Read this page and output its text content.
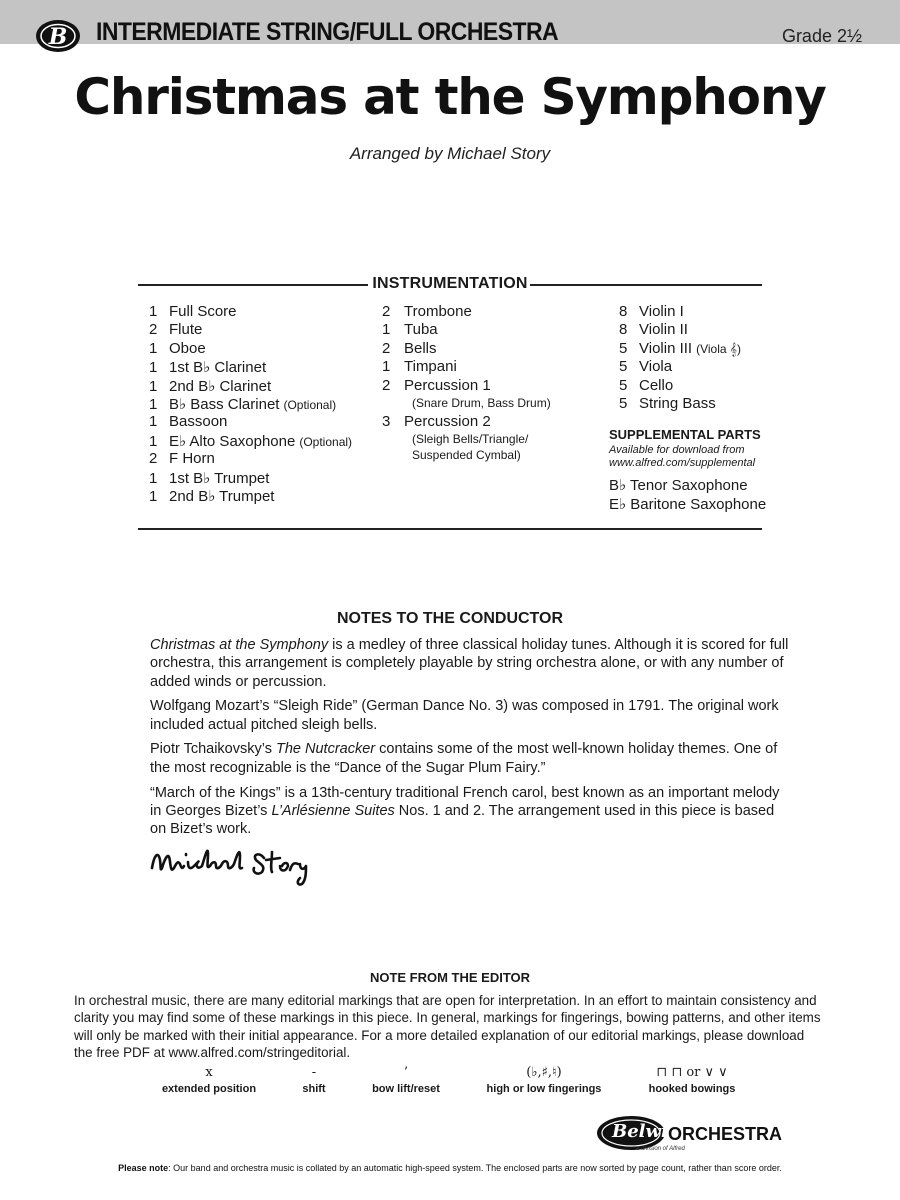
B INTERMEDIATE STRING/FULL ORCHESTRA	Grade 2½
Christmas at the Symphony
Arranged by Michael Story
INSTRUMENTATION
1 Full Score
2 Flute
1 Oboe
1 1st B♭ Clarinet
1 2nd B♭ Clarinet
1 B♭ Bass Clarinet (Optional)
1 Bassoon
1 E♭ Alto Saxophone (Optional)
2 F Horn
1 1st B♭ Trumpet
1 2nd B♭ Trumpet
2 Trombone
1 Tuba
2 Bells
1 Timpani
2 Percussion 1
(Snare Drum, Bass Drum)
3 Percussion 2
(Sleigh Bells/Triangle/
Suspended Cymbal)
8 Violin I
8 Violin II
5 Violin III (Viola 𝄞)
5 Viola
5 Cello
5 String Bass
SUPPLEMENTAL PARTS
Available for download from
www.alfred.com/supplemental
B♭ Tenor Saxophone
E♭ Baritone Saxophone
NOTES TO THE CONDUCTOR

Christmas at the Symphony is a medley of three classical holiday tunes. Although it is scored for full orchestra, this arrangement is completely playable by string orchestra alone, or with any number of added winds or percussion.

Wolfgang Mozart’s “Sleigh Ride” (German Dance No. 3) was composed in 1791. The original work included actual pitched sleigh bells.

Piotr Tchaikovsky’s The Nutcracker contains some of the most well-known holiday themes. One of the most recognizable is the “Dance of the Sugar Plum Fairy.”

“March of the Kings” is a 13th-century traditional French carol, best known as an important melody in Georges Bizet’s L’Arlésienne Suites Nos. 1 and 2. The arrangement used in this piece is based on Bizet’s work.

NOTE FROM THE EDITOR
In orchestral music, there are many editorial markings that are open for interpretation. In an effort to maintain consistency and clarity you may find some of these markings in this piece. In general, markings for fingerings, bowing patterns, and other items will only be marked with their initial appearance. For a more detailed explanation of our editorial markings, please download the free PDF at www.alfred.com/stringeditorial.
x
extended position
-
shift
’
bow lift/reset
(♭,♯,♮)
high or low fingerings
⊓ ⊓ or ∨ ∨
hooked bowings
Belwin
ORCHESTRA
a division of Alfred
Please note: Our band and orchestra music is collated by an automatic high-speed system. The enclosed parts are now sorted by page count, rather than score order.
